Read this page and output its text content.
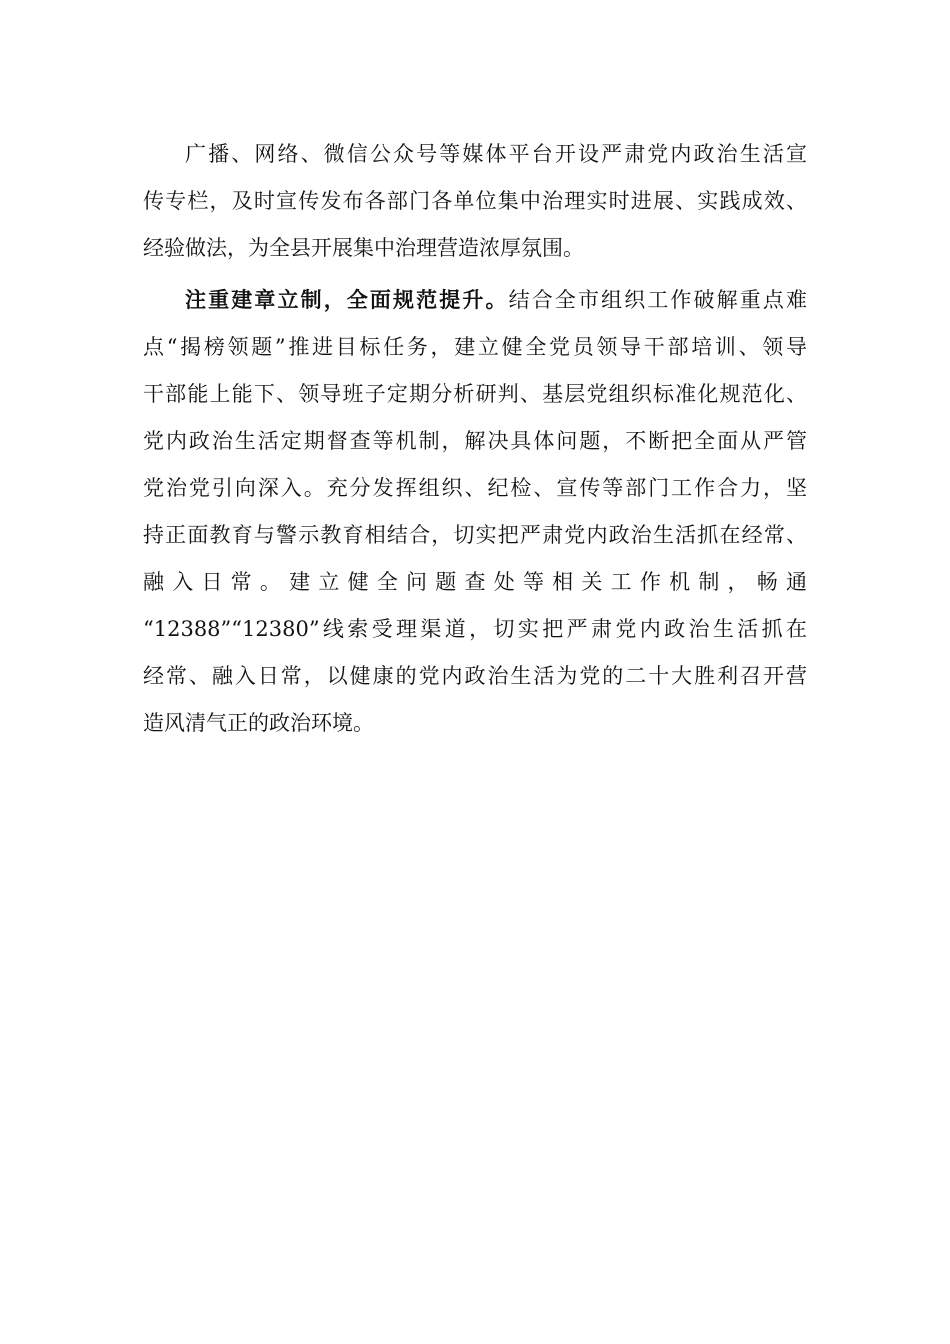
广播、网络、微信公众号等媒体平台开设严肃党内政治生活宣
传专栏，及时宣传发布各部门各单位集中治理实时进展、实践成效、
经验做法，为全县开展集中治理营造浓厚氛围。
注重建章立制，全面规范提升。结合全市组织工作破解重点难
点“揭榜领题”推进目标任务，建立健全党员领导干部培训、领导
干部能上能下、领导班子定期分析研判、基层党组织标准化规范化、
党内政治生活定期督查等机制，解决具体问题，不断把全面从严管
党治党引向深入。充分发挥组织、纪检、宣传等部门工作合力，坚
持正面教育与警示教育相结合，切实把严肃党内政治生活抓在经常、
融入日常。建立健全问题查处等相关工作机制，畅通
“12388”“12380”线索受理渠道，切实把严肃党内政治生活抓在
经常、融入日常，以健康的党内政治生活为党的二十大胜利召开营
造风清气正的政治环境。
